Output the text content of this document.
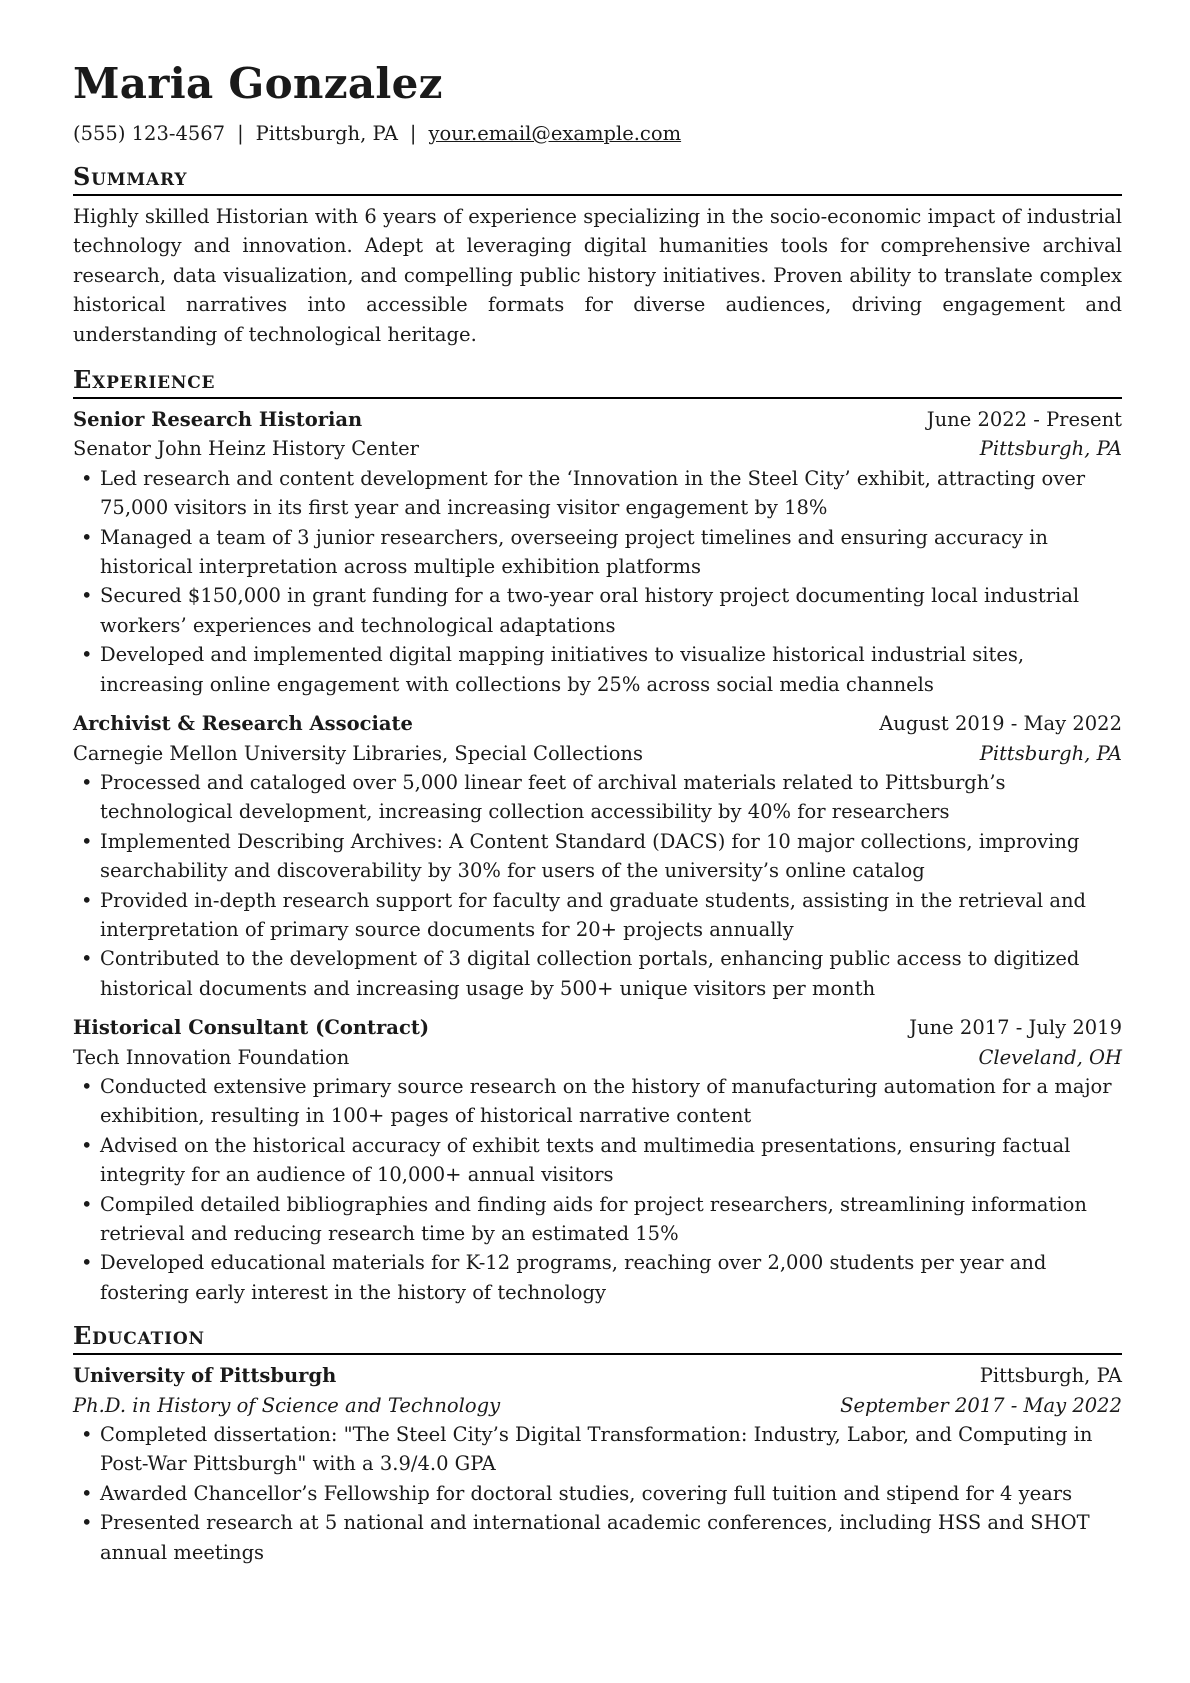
Maria Gonzalez
(555) 123-4567 | Pittsburgh, PA | your.email@example.com
Summary

Highly skilled Historian with 6 years of experience specializing in the socio-economic impact of industrial technology and innovation. Adept at leveraging digital humanities tools for comprehensive archival research, data visualization, and compelling public history initiatives. Proven ability to translate complex historical narratives into accessible formats for diverse audiences, driving engagement and understanding of technological heritage.

Experience
Senior Research Historian	June 2022 - Present
Senator John Heinz History Center	Pittsburgh, PA
• Led research and content development for the ‘Innovation in the Steel City’ exhibit, attracting over 75,000 visitors in its first year and increasing visitor engagement by 18%
• Managed a team of 3 junior researchers, overseeing project timelines and ensuring accuracy in historical interpretation across multiple exhibition platforms
• Secured $150,000 in grant funding for a two-year oral history project documenting local industrial workers’ experiences and technological adaptations
• Developed and implemented digital mapping initiatives to visualize historical industrial sites, increasing online engagement with collections by 25% across social media channels
Archivist & Research Associate	August 2019 - May 2022
Carnegie Mellon University Libraries, Special Collections	Pittsburgh, PA
• Processed and cataloged over 5,000 linear feet of archival materials related to Pittsburgh’s technological development, increasing collection accessibility by 40% for researchers
• Implemented Describing Archives: A Content Standard (DACS) for 10 major collections, improving searchability and discoverability by 30% for users of the university’s online catalog
• Provided in-depth research support for faculty and graduate students, assisting in the retrieval and interpretation of primary source documents for 20+ projects annually
• Contributed to the development of 3 digital collection portals, enhancing public access to digitized historical documents and increasing usage by 500+ unique visitors per month
Historical Consultant (Contract)	June 2017 - July 2019
Tech Innovation Foundation	Cleveland, OH
• Conducted extensive primary source research on the history of manufacturing automation for a major exhibition, resulting in 100+ pages of historical narrative content
• Advised on the historical accuracy of exhibit texts and multimedia presentations, ensuring factual integrity for an audience of 10,000+ annual visitors
• Compiled detailed bibliographies and finding aids for project researchers, streamlining information retrieval and reducing research time by an estimated 15%
• Developed educational materials for K-12 programs, reaching over 2,000 students per year and fostering early interest in the history of technology
Education
University of Pittsburgh	Pittsburgh, PA
Ph.D. in History of Science and Technology	September 2017 - May 2022
• Completed dissertation: "The Steel City’s Digital Transformation: Industry, Labor, and Computing in Post-War Pittsburgh" with a 3.9/4.0 GPA
• Awarded Chancellor’s Fellowship for doctoral studies, covering full tuition and stipend for 4 years
• Presented research at 5 national and international academic conferences, including HSS and SHOT annual meetings
